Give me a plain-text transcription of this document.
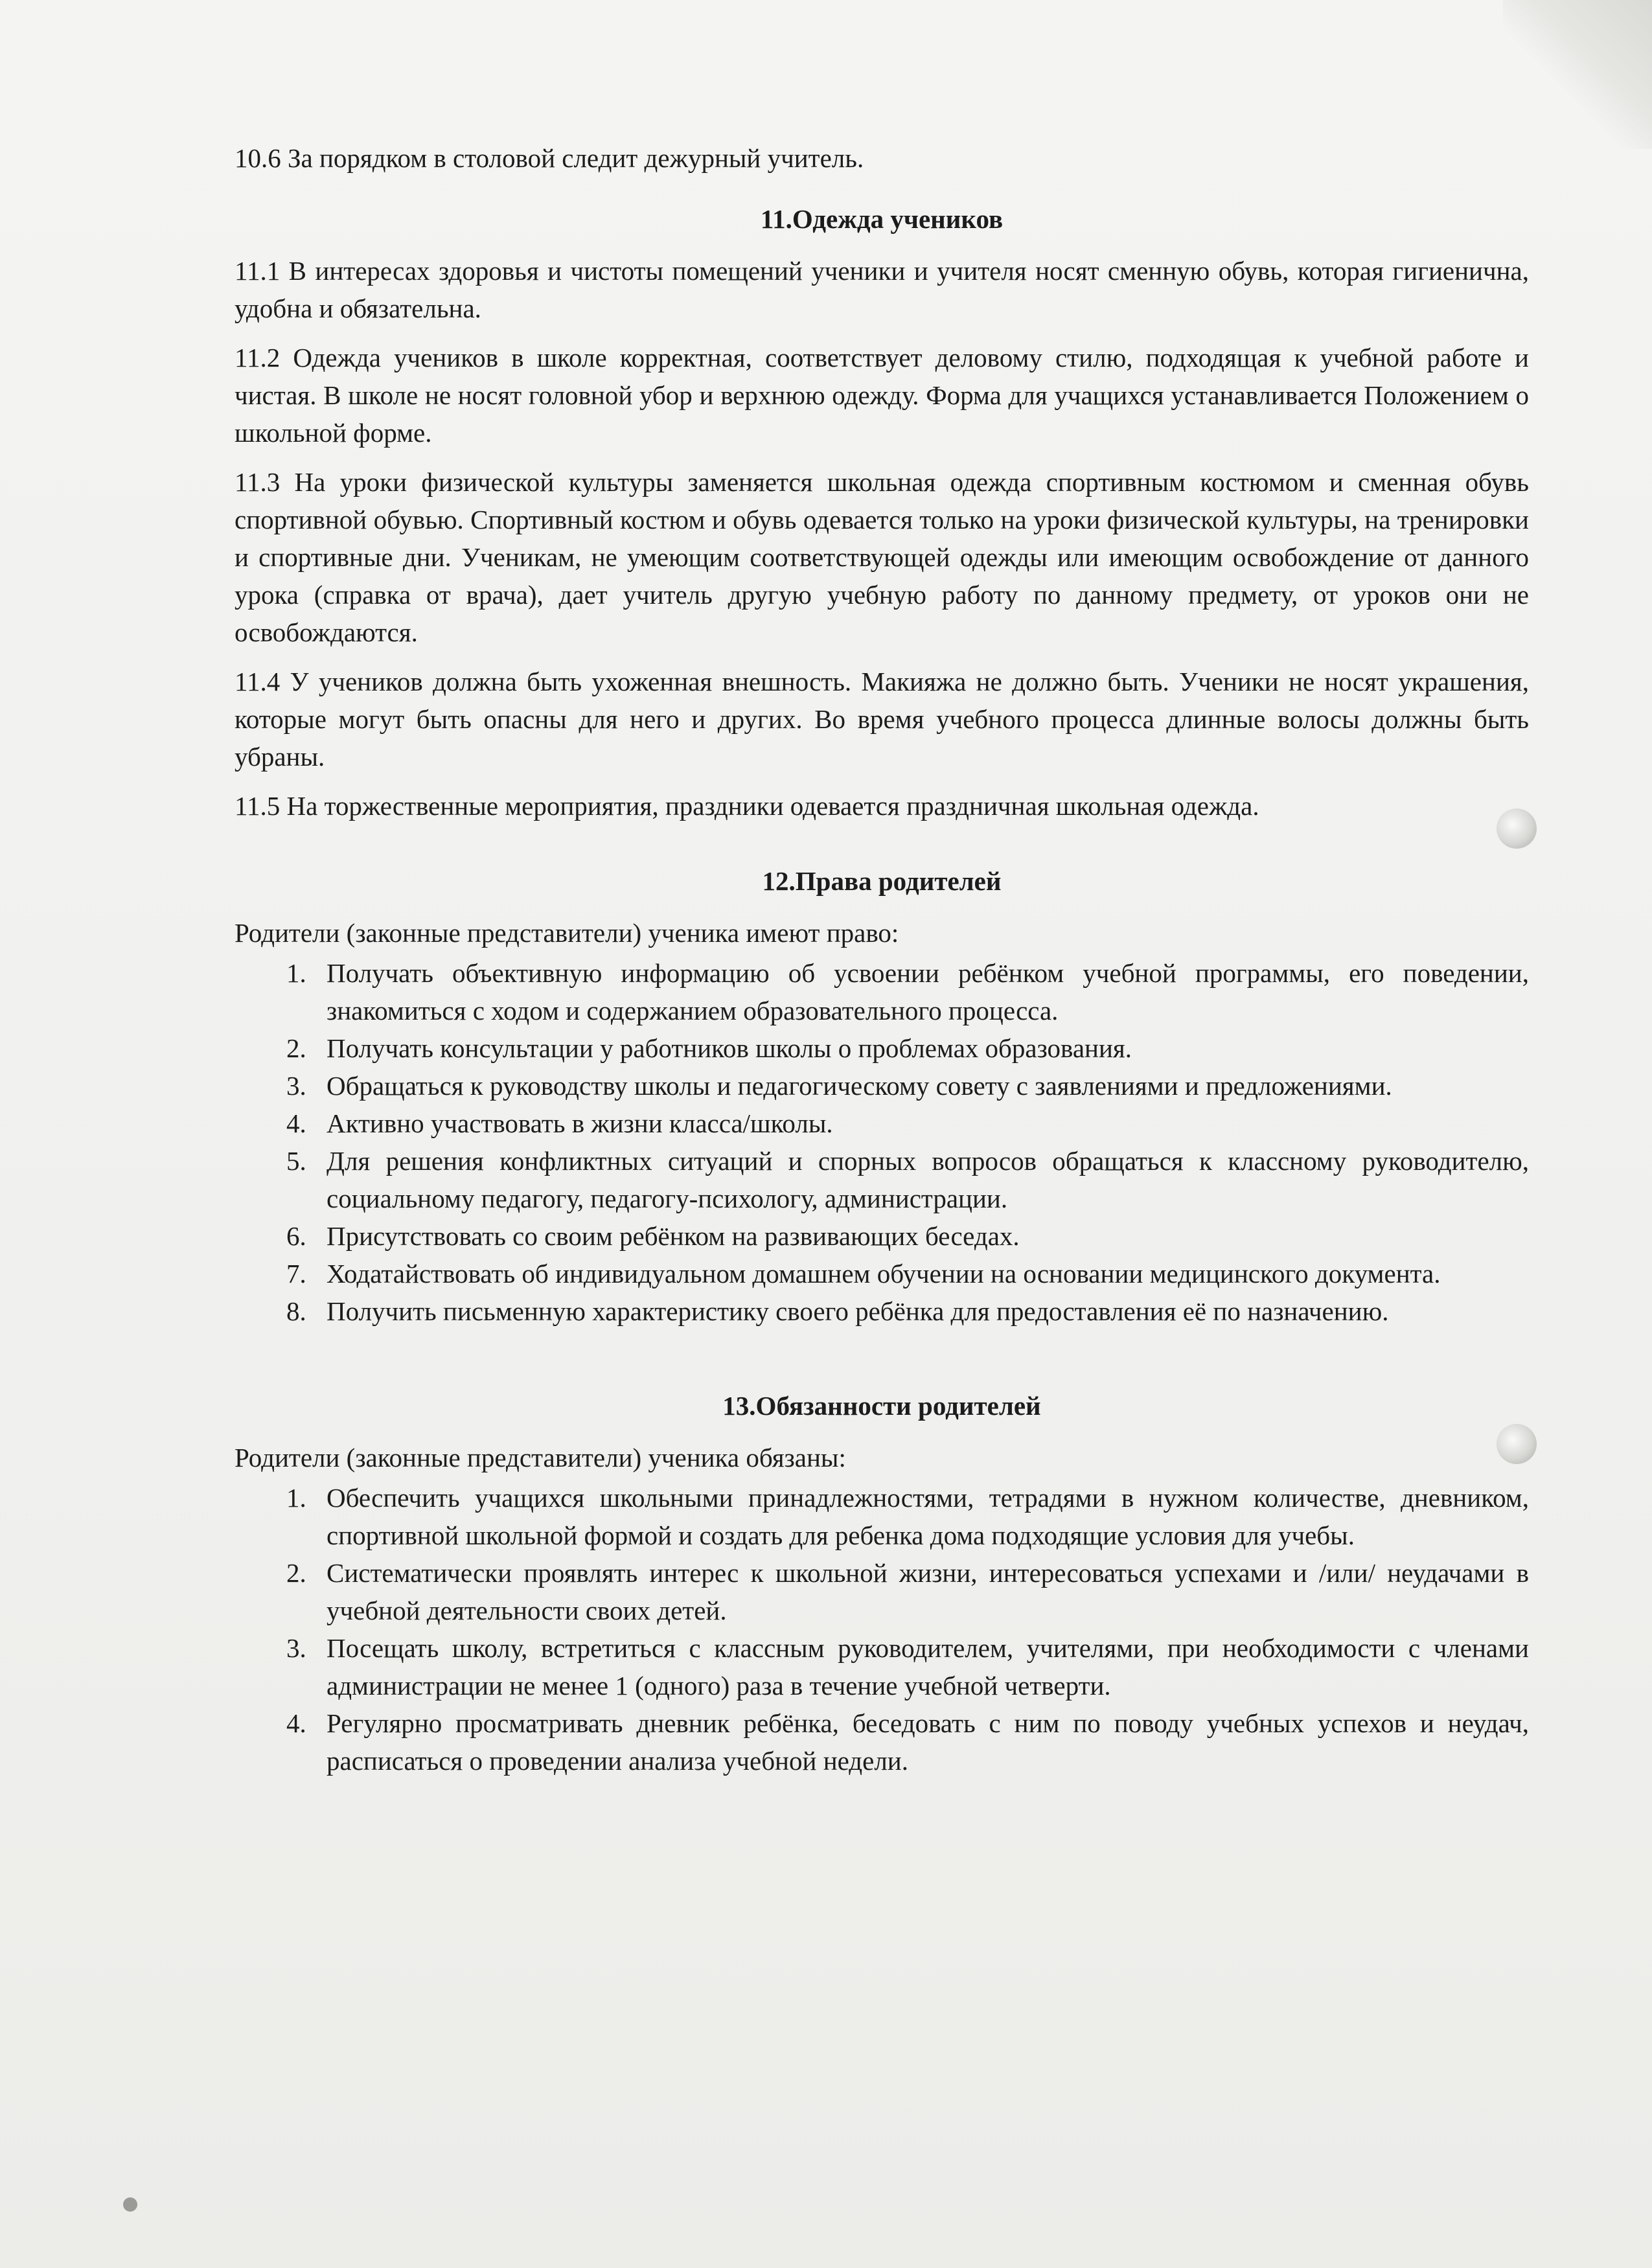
10.6 За порядком в столовой следит дежурный учитель.

11.Одежда учеников

11.1 В интересах здоровья и чистоты помещений ученики и учителя носят сменную обувь, которая гигиенична, удобна и обязательна.

11.2 Одежда учеников в школе корректная, соответствует деловому стилю, подходящая к учебной работе и чистая. В школе не носят головной убор и верхнюю одежду. Форма для учащихся устанавливается Положением о школьной форме.

11.3 На уроки физической культуры заменяется школьная одежда спортивным костюмом и сменная обувь спортивной обувью. Спортивный костюм и обувь одевается только на уроки физической культуры, на тренировки и спортивные дни. Ученикам, не умеющим соответствующей одежды или имеющим освобождение от данного урока (справка от врача), дает учитель другую учебную работу по данному предмету, от уроков они не освобождаются.

11.4 У учеников должна быть ухоженная внешность. Макияжа не должно быть. Ученики не носят украшения, которые могут быть опасны для него и других. Во время учебного процесса длинные волосы должны быть убраны.

11.5 На торжественные мероприятия, праздники одевается праздничная школьная одежда.

12.Права родителей

Родители (законные представители) ученика имеют право:

1. Получать объективную информацию об усвоении ребёнком учебной программы, его поведении, знакомиться с ходом и содержанием образовательного процесса.
2. Получать консультации у работников школы о проблемах образования.
3. Обращаться к руководству школы и педагогическому совету с заявлениями и предложениями.
4. Активно участвовать в жизни класса/школы.
5. Для решения конфликтных ситуаций и спорных вопросов обращаться к классному руководителю, социальному педагогу, педагогу-психологу, администрации.
6. Присутствовать со своим ребёнком на развивающих беседах.
7. Ходатайствовать об индивидуальном домашнем обучении на основании медицинского документа.
8. Получить письменную характеристику своего ребёнка для предоставления её по назначению.

13.Обязанности родителей

Родители (законные представители) ученика обязаны:

1. Обеспечить учащихся школьными принадлежностями, тетрадями в нужном количестве, дневником, спортивной школьной формой и создать для ребенка дома подходящие условия для учебы.
2. Систематически проявлять интерес к школьной жизни, интересоваться успехами и /или/ неудачами в учебной деятельности своих детей.
3. Посещать школу, встретиться с классным руководителем, учителями, при необходимости с членами администрации не менее 1 (одного) раза в течение учебной четверти.
4. Регулярно просматривать дневник ребёнка, беседовать с ним по поводу учебных успехов и неудач, расписаться о проведении анализа учебной недели.
